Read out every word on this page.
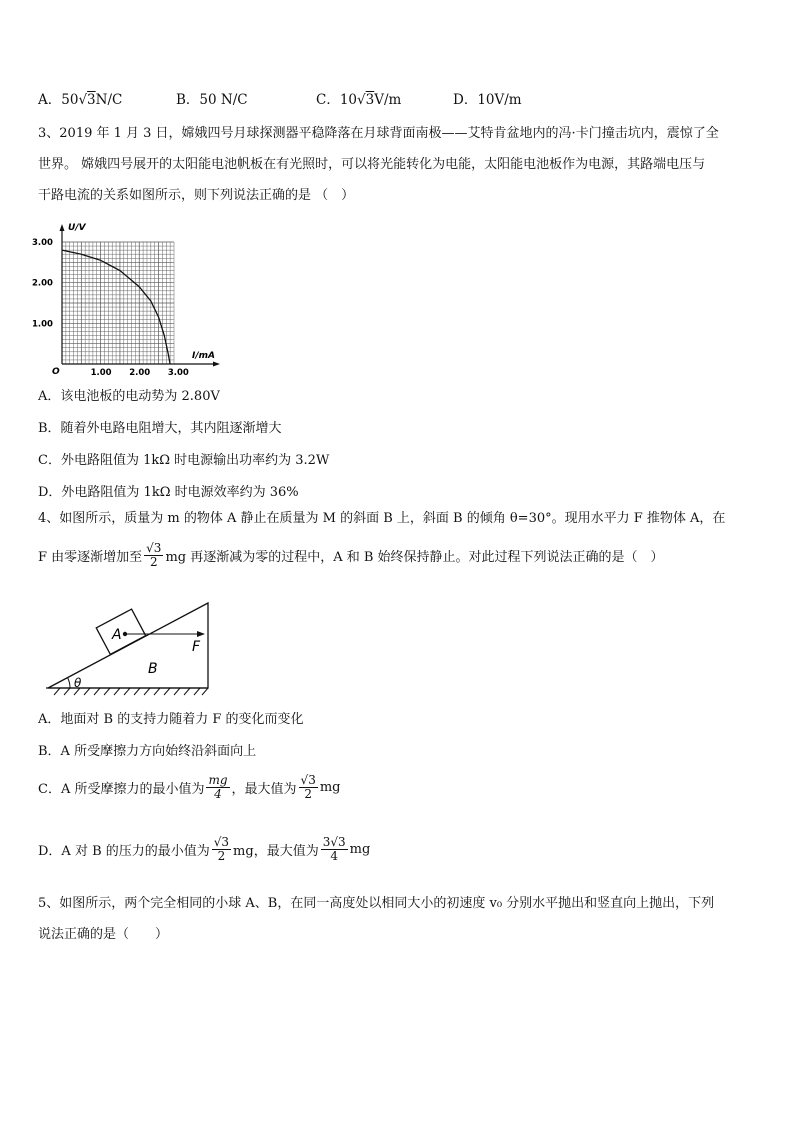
A．50√3N/C	B．50 N/C	C．10√3V/m	D．10V/m
3、2019 年 1 月 3 日，嫦娥四号月球探测器平稳降落在月球背面南极——艾特肯盆地内的冯·卡门撞击坑内，震惊了全
世界。 嫦娥四号展开的太阳能电池帆板在有光照时，可以将光能转化为电能，太阳能电池板作为电源，其路端电压与
干路电流的关系如图所示，则下列说法正确的是 （　）
U/V
I/mA
O	1.00 2.00 3.00
1.00
2.00
3.00
A．该电池板的电动势为 2.80V
B．随着外电路电阻增大，其内阻逐渐增大
C．外电路阻值为 1kΩ 时电源输出功率约为 3.2W
D．外电路阻值为 1kΩ 时电源效率约为 36%
4、如图所示，质量为 m 的物体 A 静止在质量为 M 的斜面 B 上，斜面 B 的倾角 θ=30°。现用水平力 F 推物体 A，在
F 由零逐渐增加至 $\frac{√3}{2}$ mg 再逐渐减为零的过程中，A 和 B 始终保持静止。对此过程下列说法正确的是（　）
A
B
F
θ
A．地面对 B 的支持力随着力 F 的变化而变化
B．A 所受摩擦力方向始终沿斜面向上
C．A 所受摩擦力的最小值为 $\frac{mg}{4}$ ，最大值为 $\frac{√3}{2}$ mg
D．A 对 B 的压力的最小值为 $\frac{√3}{2}$ mg，最大值为 $\frac{3√3}{4}$ mg
5、如图所示，两个完全相同的小球 A、B，在同一高度处以相同大小的初速度 v₀ 分别水平抛出和竖直向上抛出，下列
说法正确的是（　　）
